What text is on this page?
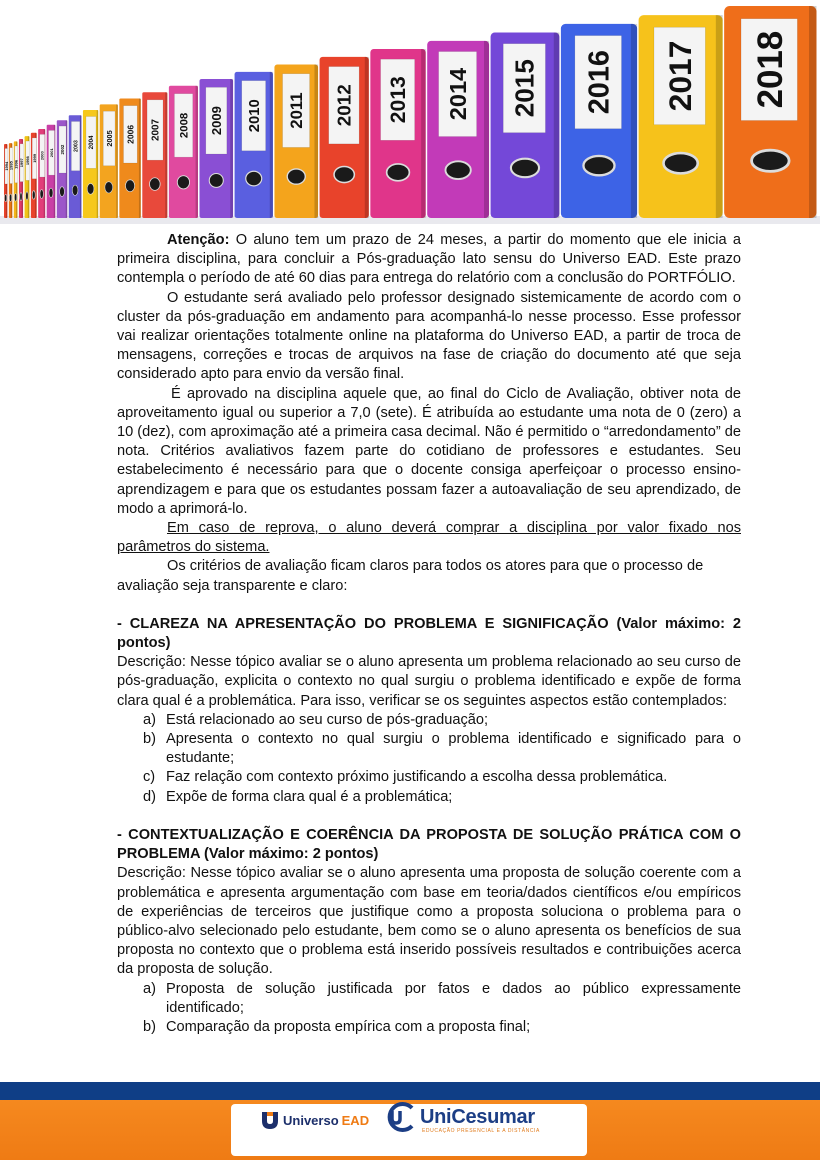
1994 1995 1996 1997 1998 1999 2000 2001 2002 2003 2004 2005 2006 2007 2008 2009 2010 2011 2012 2013 2014 2015 2016 2017 2018

Atenção: O aluno tem um prazo de 24 meses, a partir do momento que ele inicia a primeira disciplina, para concluir a Pós-graduação lato sensu do Universo EAD. Este prazo contempla o período de até 60 dias para entrega do relatório com a conclusão do PORTFÓLIO.

O estudante será avaliado pelo professor designado sistemicamente de acordo com o cluster da pós-graduação em andamento para acompanhá-lo nesse processo. Esse professor vai realizar orientações totalmente online na plataforma do Universo EAD, a partir de troca de mensagens, correções e trocas de arquivos na fase de criação do documento até que seja considerado apto para envio da versão final.

É aprovado na disciplina aquele que, ao final do Ciclo de Avaliação, obtiver nota de aproveitamento igual ou superior a 7,0 (sete). É atribuída ao estudante uma nota de 0 (zero) a 10 (dez), com aproximação até a primeira casa decimal. Não é permitido o “arredondamento” de nota. Critérios avaliativos fazem parte do cotidiano de professores e estudantes. Seu estabelecimento é necessário para que o docente consiga aperfeiçoar o processo ensino-aprendizagem e para que os estudantes possam fazer a autoavaliação de seu aprendizado, de modo a aprimorá-lo.

Em caso de reprova, o aluno deverá comprar a disciplina por valor fixado nos parâmetros do sistema.

Os critérios de avaliação ficam claros para todos os atores para que o processo de avaliação seja transparente e claro:

- CLAREZA NA APRESENTAÇÃO DO PROBLEMA E SIGNIFICAÇÃO (Valor máximo: 2 pontos)

Descrição: Nesse tópico avaliar se o aluno apresenta um problema relacionado ao seu curso de pós-graduação, explicita o contexto no qual surgiu o problema identificado e expõe de forma clara qual é a problemática. Para isso, verificar se os seguintes aspectos estão contemplados:

a) Está relacionado ao seu curso de pós-graduação;
b) Apresenta o contexto no qual surgiu o problema identificado e significado para o estudante;
c) Faz relação com contexto próximo justificando a escolha dessa problemática.
d) Expõe de forma clara qual é a problemática;

- CONTEXTUALIZAÇÃO E COERÊNCIA DA PROPOSTA DE SOLUÇÃO PRÁTICA COM O PROBLEMA (Valor máximo: 2 pontos)

Descrição: Nesse tópico avaliar se o aluno apresenta uma proposta de solução coerente com a problemática e apresenta argumentação com base em teoria/dados científicos e/ou empíricos de experiências de terceiros que justifique como a proposta soluciona o problema para o público-alvo selecionado pelo estudante, bem como se o aluno apresenta os benefícios de sua proposta no contexto que o problema está inserido possíveis resultados e contribuições acerca da proposta de solução.

a) Proposta de solução justificada por fatos e dados ao público expressamente identificado;
b) Comparação da proposta empírica com a proposta final;
Universo EAD	UniCesumar
EDUCAÇÃO PRESENCIAL E A DISTÂNCIA
